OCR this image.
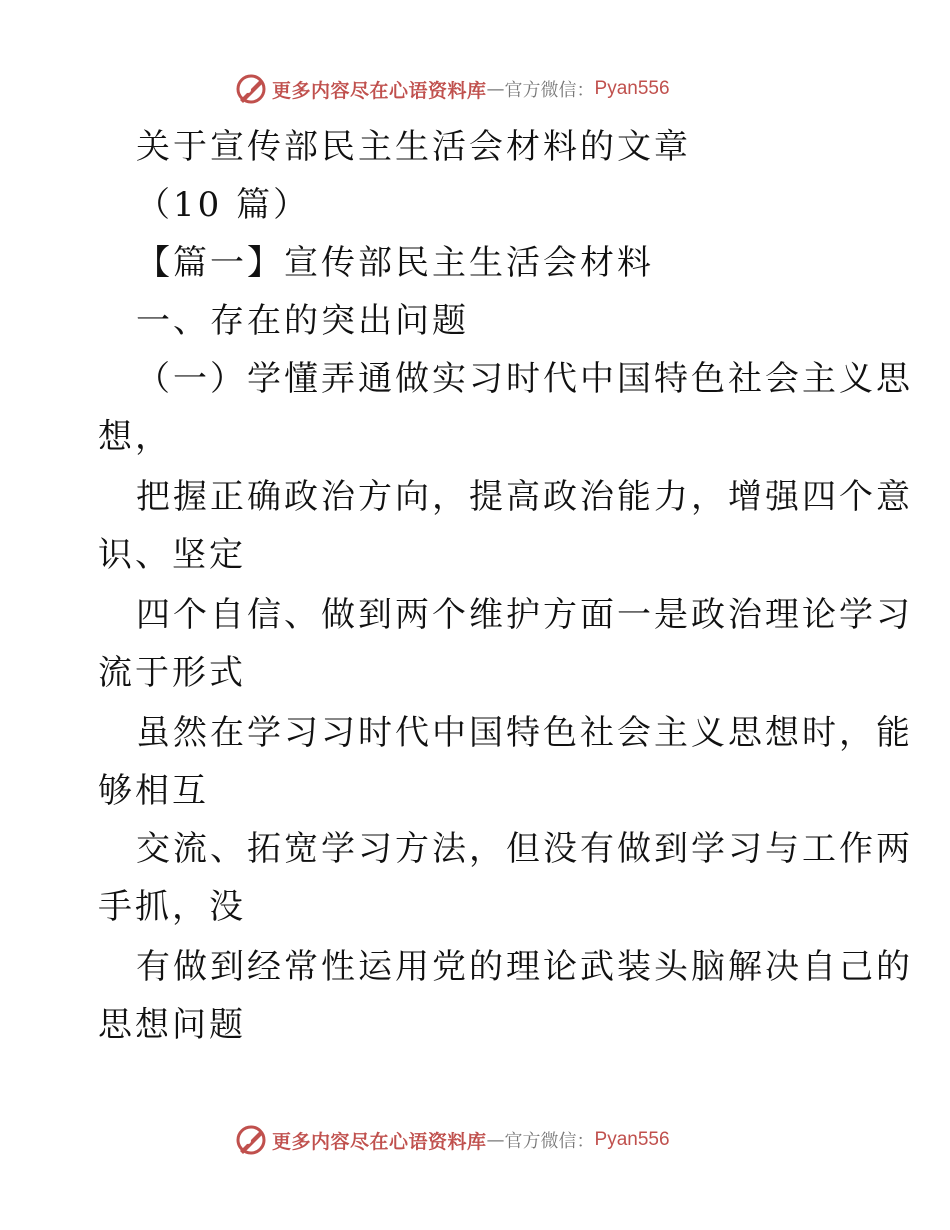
更多内容尽在心语资料库 — 官方微信： Pyan556
关于宣传部民主生活会材料的文章
（10 篇）
【篇一】宣传部民主生活会材料
一、存在的突出问题
（一）学懂弄通做实习时代中国特色社会主义思
想，
把握正确政治方向，提高政治能力，增强四个意
识、坚定
四个自信、做到两个维护方面一是政治理论学习
流于形式
虽然在学习习时代中国特色社会主义思想时，能
够相互
交流、拓宽学习方法，但没有做到学习与工作两
手抓，没
有做到经常性运用党的理论武装头脑解决自己的
思想问题
更多内容尽在心语资料库 — 官方微信： Pyan556
